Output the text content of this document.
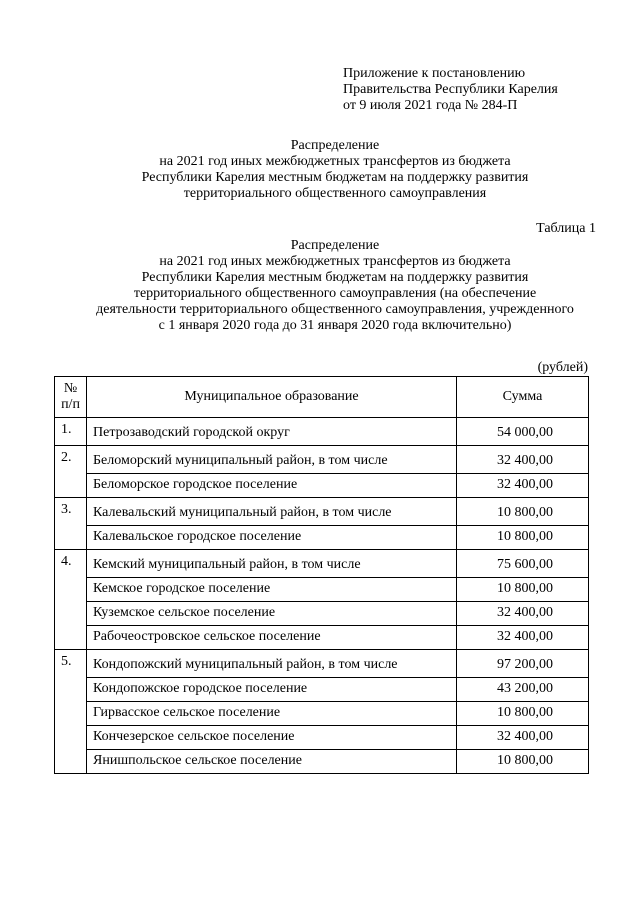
Приложение к постановлению
Правительства Республики Карелия
от 9 июля 2021 года № 284-П
Распределение
на 2021 год иных межбюджетных трансфертов из бюджета
Республики Карелия местным бюджетам на поддержку развития
территориального общественного самоуправления
Таблица 1
Распределение
на 2021 год иных межбюджетных трансфертов из бюджета
Республики Карелия местным бюджетам на поддержку развития
территориального общественного самоуправления (на обеспечение
деятельности территориального общественного самоуправления, учрежденного
с 1 января 2020 года до 31 января 2020 года включительно)
(рублей)
№
п/п	Муниципальное образование	Сумма
1.	Петрозаводский городской округ	54 000,00
2.	Беломорский муниципальный район, в том числе	32 400,00
	Беломорское городское поселение	32 400,00
3.	Калевальский муниципальный район, в том числе	10 800,00
	Калевальское городское поселение	10 800,00
4.	Кемский муниципальный район, в том числе	75 600,00
	Кемское городское поселение	10 800,00
	Куземское сельское поселение	32 400,00
	Рабочеостровское сельское поселение	32 400,00
5.	Кондопожский муниципальный район, в том числе	97 200,00
	Кондопожское городское поселение	43 200,00
	Гирвасское сельское поселение	10 800,00
	Кончезерское сельское поселение	32 400,00
	Янишпольское сельское поселение	10 800,00
